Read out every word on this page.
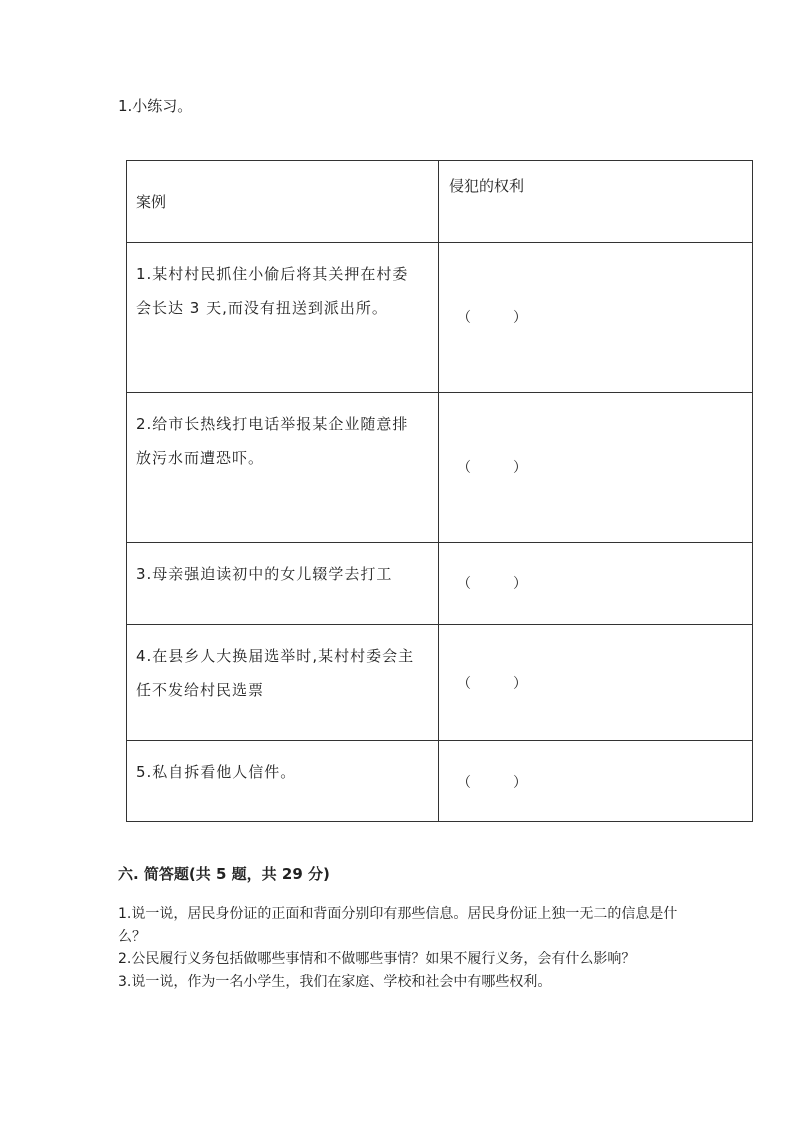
1.小练习。
案例	侵犯的权利

1.某村村民抓住小偷后将其关押在村委
会长达 3 天,而没有扭送到派出所。	（　　　）

2.给市长热线打电话举报某企业随意排
放污水而遭恐吓。	（　　　）

3.母亲强迫读初中的女儿辍学去打工	（　　　）

4.在县乡人大换届选举时,某村村委会主任不发给村民选票	（　　　）

5.私自拆看他人信件。	（　　　）
六. 简答题(共 5 题，共 29 分)

1.说一说，居民身份证的正面和背面分别印有那些信息。居民身份证上独一无二的信息是什么？

2.公民履行义务包括做哪些事情和不做哪些事情？如果不履行义务，会有什么影响？

3.说一说，作为一名小学生，我们在家庭、学校和社会中有哪些权利。
